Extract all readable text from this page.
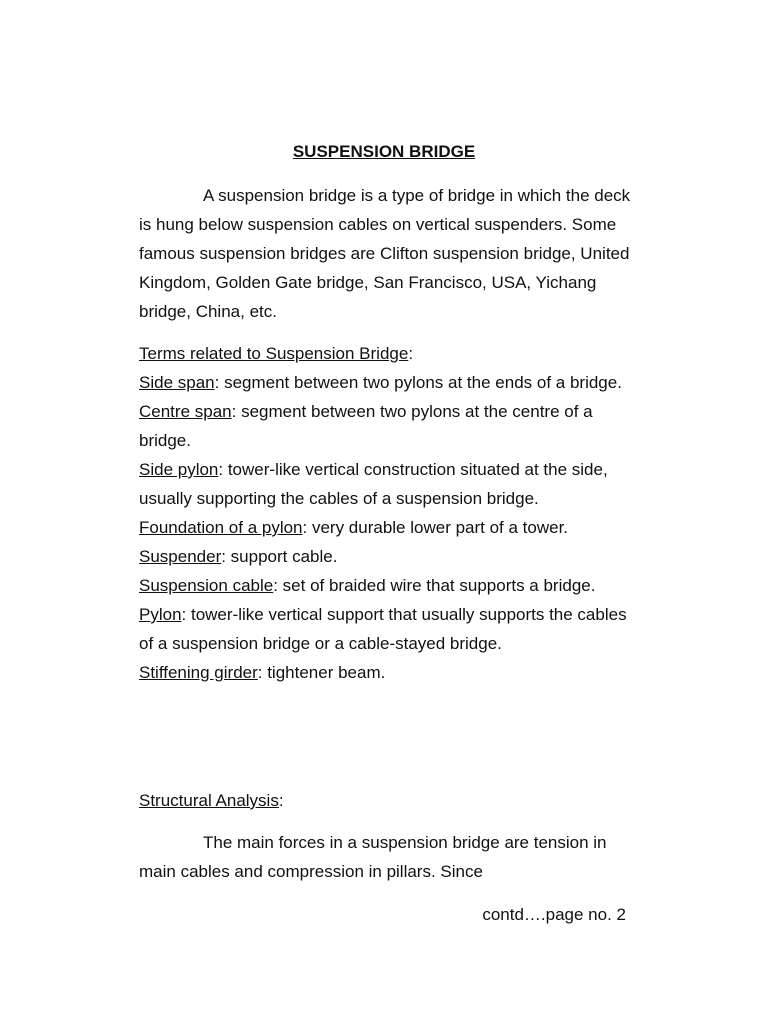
SUSPENSION BRIDGE

A suspension bridge is a type of bridge in which the deck is hung below suspension cables on vertical suspenders. Some famous suspension bridges are Clifton suspension bridge, United Kingdom, Golden Gate bridge, San Francisco, USA, Yichang bridge, China, etc.

Terms related to Suspension Bridge:
Side span: segment between two pylons at the ends of a bridge.
Centre span: segment between two pylons at the centre of a bridge.
Side pylon: tower-like vertical construction situated at the side, usually supporting the cables of a suspension bridge.
Foundation of a pylon: very durable lower part of a tower.
Suspender: support cable.
Suspension cable: set of braided wire that supports a bridge.
Pylon: tower-like vertical support that usually supports the cables of a suspension bridge or a cable-stayed bridge.
Stiffening girder: tightener beam.
Structural Analysis:

The main forces in a suspension bridge are tension in main cables and compression in pillars. Since

contd….page no. 2
